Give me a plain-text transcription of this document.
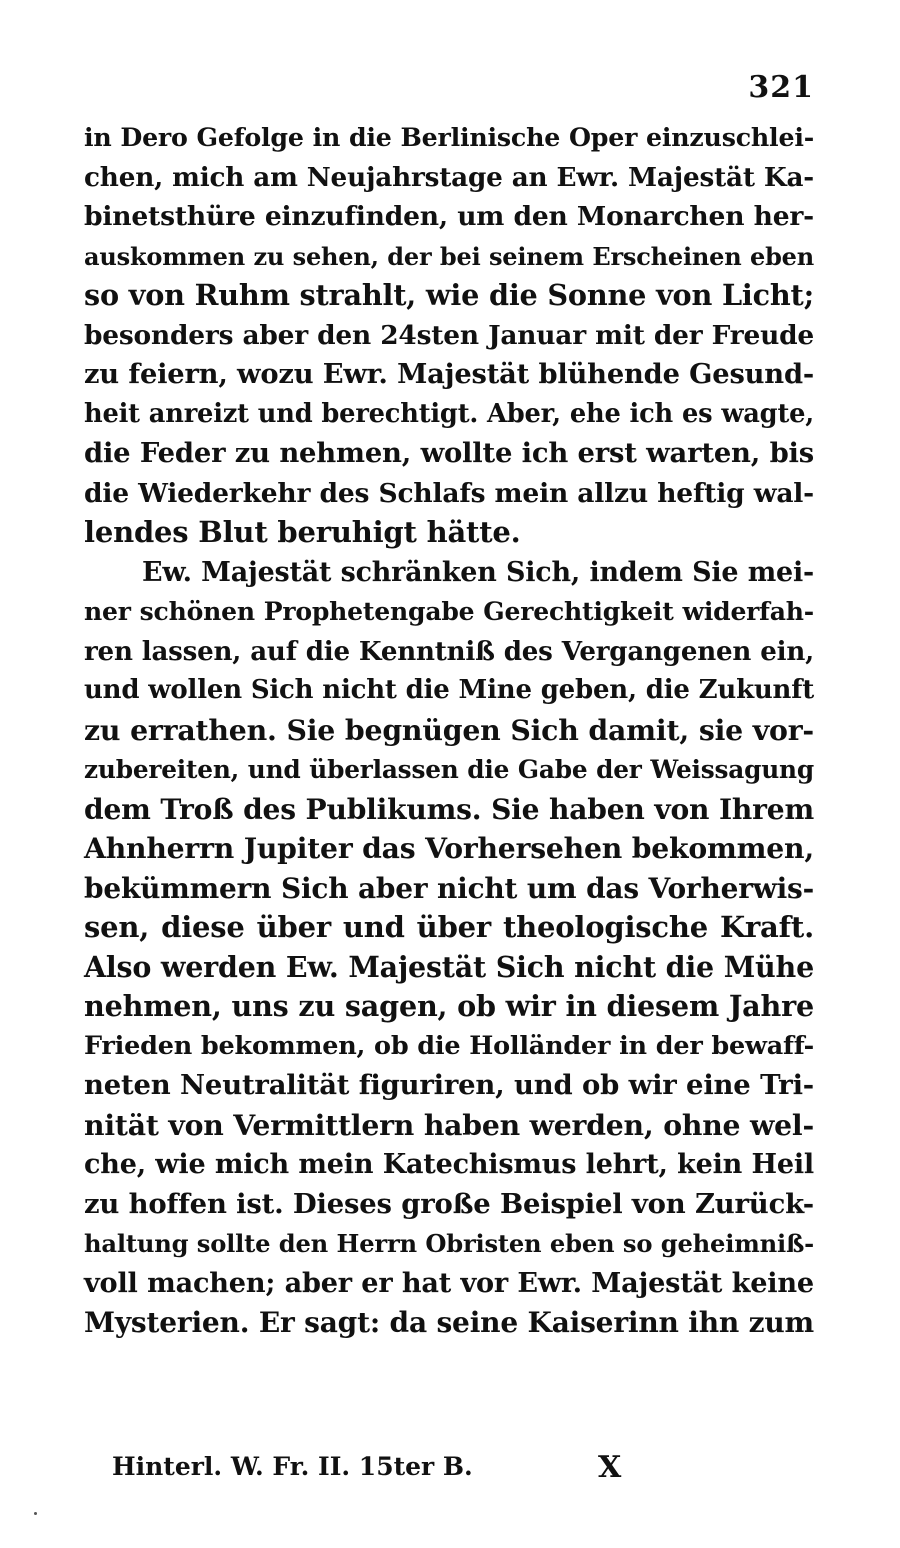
321
in Dero Gefolge in die Berlinische Oper einzuschlei-
chen, mich am Neujahrstage an Ewr. Majestät Ka-
binetsthüre einzufinden, um den Monarchen her-
auskommen zu sehen, der bei seinem Erscheinen eben
so von Ruhm strahlt, wie die Sonne von Licht;
besonders aber den 24sten Januar mit der Freude
zu feiern, wozu Ewr. Majestät blühende Gesund-
heit anreizt und berechtigt. Aber, ehe ich es wagte,
die Feder zu nehmen, wollte ich erst warten, bis
die Wiederkehr des Schlafs mein allzu heftig wal-
lendes Blut beruhigt hätte.
Ew. Majestät schränken Sich, indem Sie mei-
ner schönen Prophetengabe Gerechtigkeit widerfah-
ren lassen, auf die Kenntniß des Vergangenen ein,
und wollen Sich nicht die Mine geben, die Zukunft
zu errathen. Sie begnügen Sich damit, sie vor-
zubereiten, und überlassen die Gabe der Weissagung
dem Troß des Publikums. Sie haben von Ihrem
Ahnherrn Jupiter das Vorhersehen bekommen,
bekümmern Sich aber nicht um das Vorherwis-
sen, diese über und über theologische Kraft.
Also werden Ew. Majestät Sich nicht die Mühe
nehmen, uns zu sagen, ob wir in diesem Jahre
Frieden bekommen, ob die Holländer in der bewaff-
neten Neutralität figuriren, und ob wir eine Tri-
nität von Vermittlern haben werden, ohne wel-
che, wie mich mein Katechismus lehrt, kein Heil
zu hoffen ist. Dieses große Beispiel von Zurück-
haltung sollte den Herrn Obristen eben so geheimniß-
voll machen; aber er hat vor Ewr. Majestät keine
Mysterien. Er sagt: da seine Kaiserinn ihn zum
Hinterl. W. Fr. II. 15ter B.	X
